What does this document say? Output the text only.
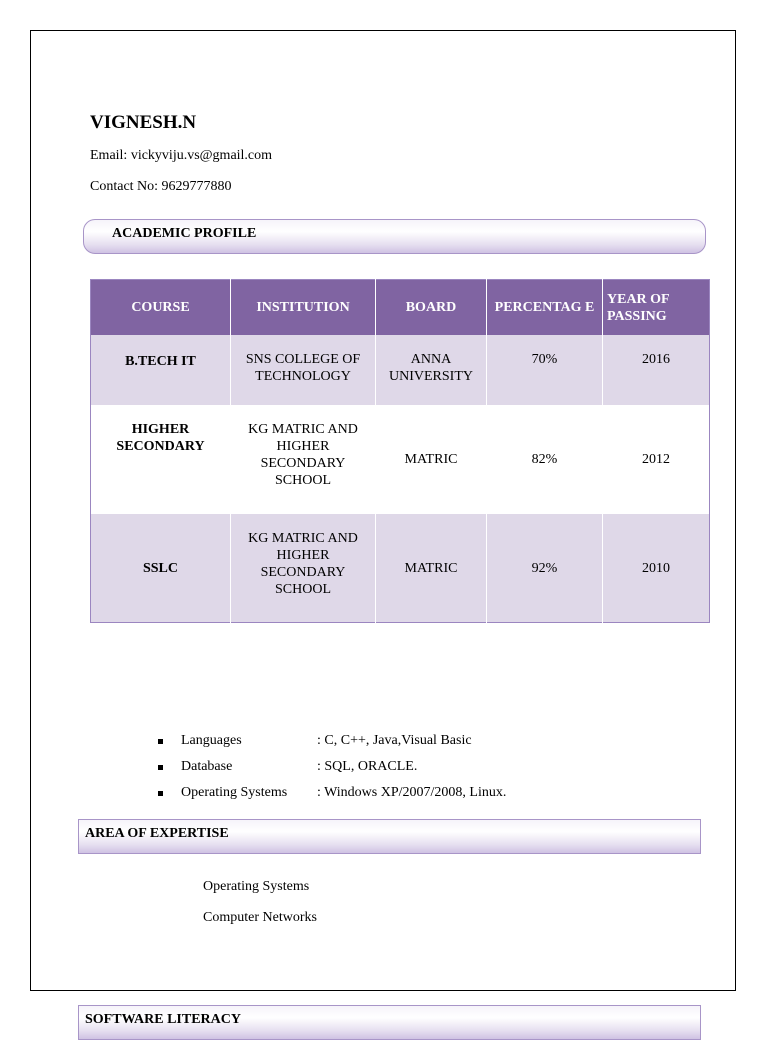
VIGNESH.N
Email: vickyviju.vs@gmail.com
Contact No: 9629777880
ACADEMIC PROFILE
COURSE	INSTITUTION	BOARD	PERCENTAG E	YEAR OF PASSING
B.TECH IT	SNS COLLEGE OF TECHNOLOGY	ANNA UNIVERSITY	70%	2016
HIGHER SECONDARY	KG MATRIC AND HIGHER SECONDARY SCHOOL	MATRIC	82%	2012
SSLC	KG MATRIC AND HIGHER SECONDARY SCHOOL	MATRIC	92%	2010
Languages	: C, C++, Java,Visual Basic
Database	: SQL, ORACLE.
Operating Systems	: Windows XP/2007/2008, Linux.
AREA OF EXPERTISE
Operating Systems
Computer Networks
SOFTWARE LITERACY
